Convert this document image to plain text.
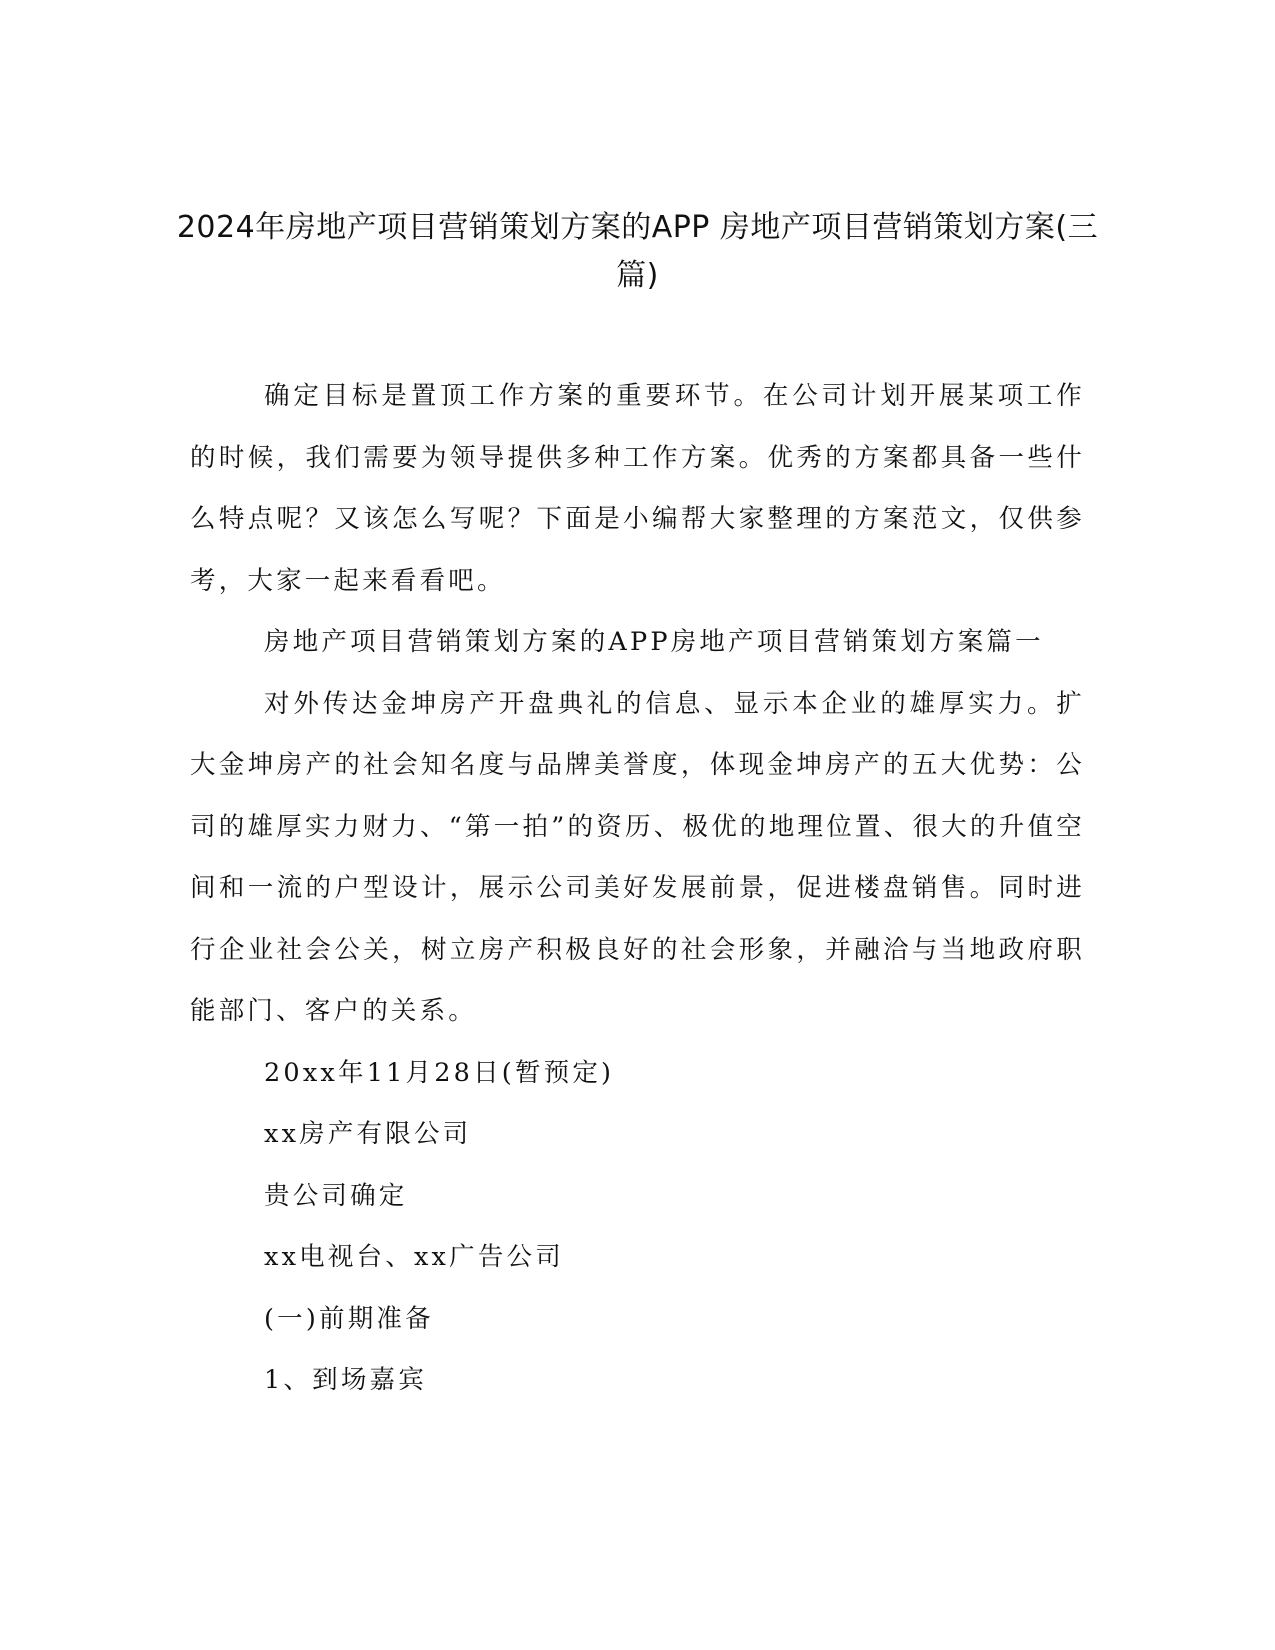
2024年房地产项目营销策划方案的APP 房地产项目营销策划方案(三篇)

确定目标是置顶工作方案的重要环节。在公司计划开展某项工作的时候，我们需要为领导提供多种工作方案。优秀的方案都具备一些什么特点呢？又该怎么写呢？下面是小编帮大家整理的方案范文，仅供参考，大家一起来看看吧。

房地产项目营销策划方案的APP房地产项目营销策划方案篇一

对外传达金坤房产开盘典礼的信息、显示本企业的雄厚实力。扩大金坤房产的社会知名度与品牌美誉度，体现金坤房产的五大优势：公司的雄厚实力财力、“第一拍”的资历、极优的地理位置、很大的升值空间和一流的户型设计，展示公司美好发展前景，促进楼盘销售。同时进行企业社会公关，树立房产积极良好的社会形象，并融洽与当地政府职能部门、客户的关系。

20xx年11月28日(暂预定)

xx房产有限公司

贵公司确定

xx电视台、xx广告公司

(一)前期准备

1、到场嘉宾
